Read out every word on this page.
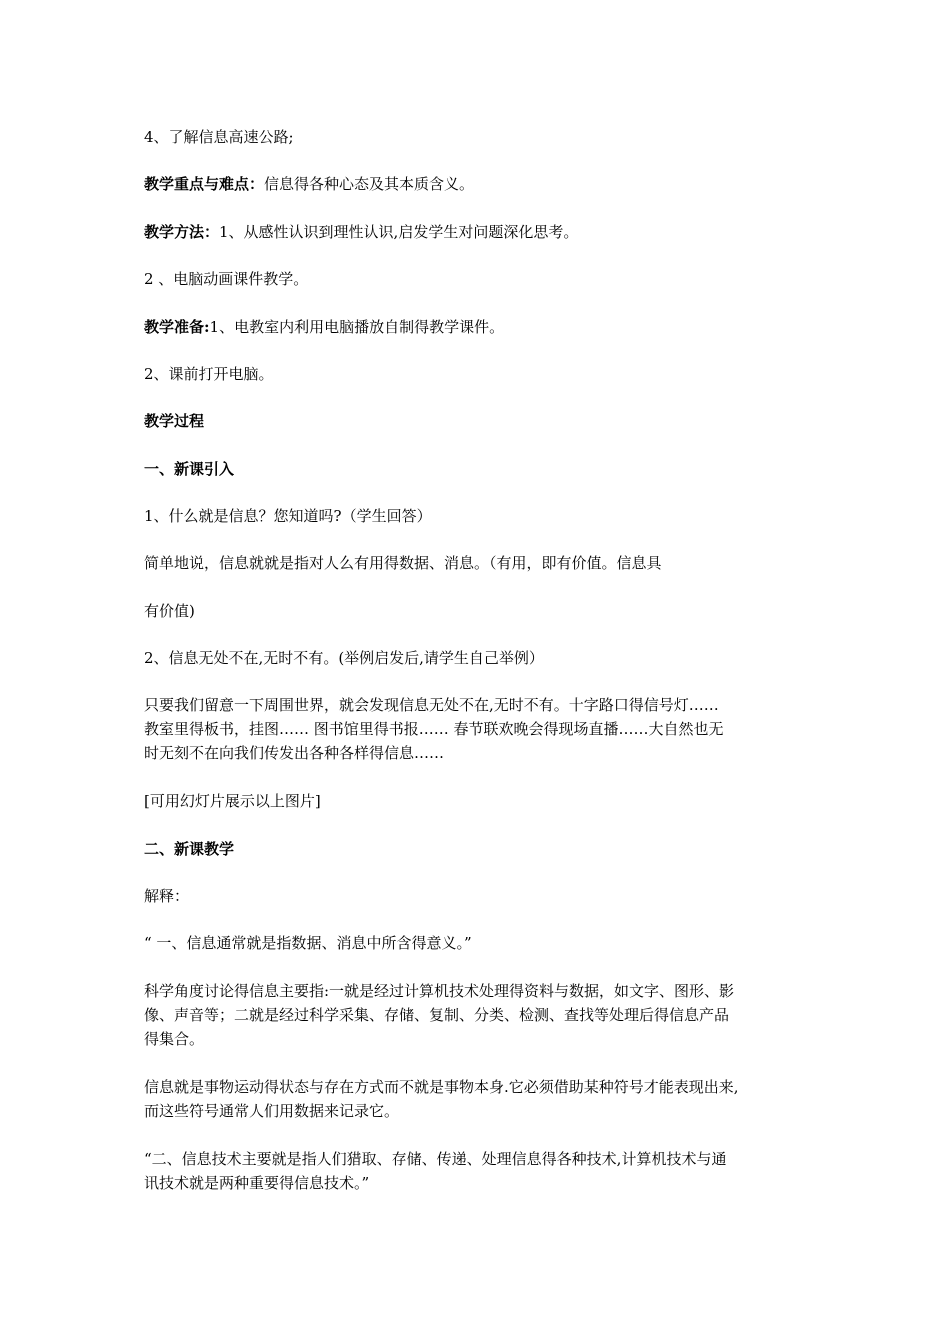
4、了解信息高速公路;
教学重点与难点：信息得各种心态及其本质含义。
教学方法：1、从感性认识到理性认识,启发学生对问题深化思考。
2 、电脑动画课件教学。
教学准备:1、电教室内利用电脑播放自制得教学课件。
2、课前打开电脑。
教学过程
一、新课引入
1、什么就是信息？您知道吗?（学生回答）
简单地说，信息就就是指对人么有用得数据、消息。（有用，即有价值。信息具
有价值)
2、信息无处不在,无时不有。(举例启发后,请学生自己举例）
只要我们留意一下周围世界，就会发现信息无处不在,无时不有。十字路口得信号灯……
教室里得板书，挂图…… 图书馆里得书报…… 春节联欢晚会得现场直播……大自然也无
时无刻不在向我们传发出各种各样得信息……
[可用幻灯片展示以上图片]
二、新课教学
解释：
“ 一、信息通常就是指数据、消息中所含得意义。”
科学角度讨论得信息主要指:一就是经过计算机技术处理得资料与数据，如文字、图形、影
像、声音等；二就是经过科学采集、存储、复制、分类、检测、查找等处理后得信息产品
得集合。
信息就是事物运动得状态与存在方式而不就是事物本身.它必须借助某种符号才能表现出来,
而这些符号通常人们用数据来记录它。
“二、信息技术主要就是指人们猎取、存储、传递、处理信息得各种技术,计算机技术与通
讯技术就是两种重要得信息技术。”
